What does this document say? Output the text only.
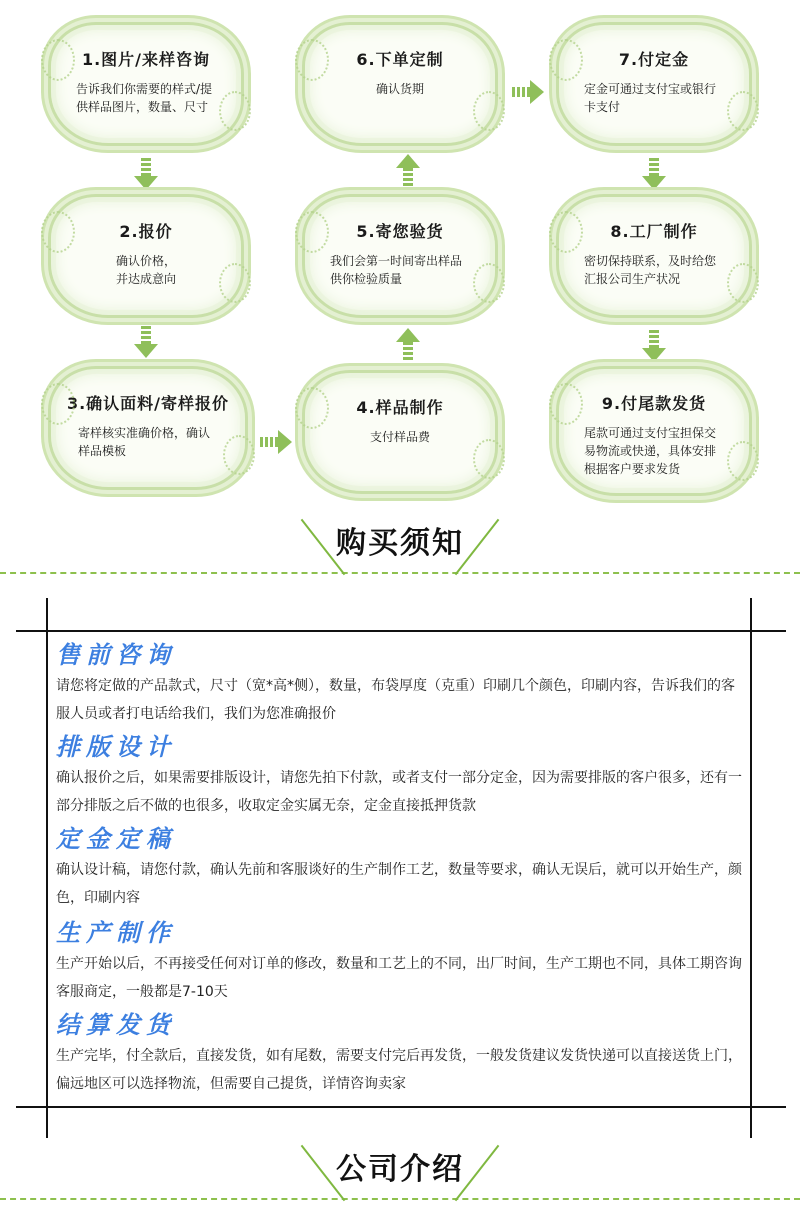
1.图片/来样咨询
告诉我们你需要的样式/提供样品图片，数量、尺寸
2.报价
确认价格，
并达成意向
3.确认面料/寄样报价
寄样核实准确价格，确认样品模板
6.下单定制
确认货期
5.寄您验货
我们会第一时间寄出样品供你检验质量
4.样品制作
支付样品费
7.付定金
定金可通过支付宝或银行卡支付
8.工厂制作
密切保持联系，及时给您汇报公司生产状况
9.付尾款发货
尾款可通过支付宝担保交易物流或快递，具体安排根据客户要求发货
购买须知
售前咨询
请您将定做的产品款式，尺寸（宽*高*侧），数量，布袋厚度（克重）印刷几个颜色，印刷内容，告诉我们的客服人员或者打电话给我们，我们为您准确报价
排版设计
确认报价之后，如果需要排版设计，请您先拍下付款，或者支付一部分定金，因为需要排版的客户很多，还有一部分排版之后不做的也很多，收取定金实属无奈，定金直接抵押货款
定金定稿
确认设计稿，请您付款，确认先前和客服谈好的生产制作工艺，数量等要求，确认无误后，就可以开始生产，颜色，印刷内容
生产制作
生产开始以后，不再接受任何对订单的修改，数量和工艺上的不同，出厂时间，生产工期也不同，具体工期咨询客服商定，一般都是7-10天
结算发货
生产完毕，付全款后，直接发货，如有尾数，需要支付完后再发货，一般发货建议发货快递可以直接送货上门，偏远地区可以选择物流，但需要自己提货，详情咨询卖家
公司介绍
